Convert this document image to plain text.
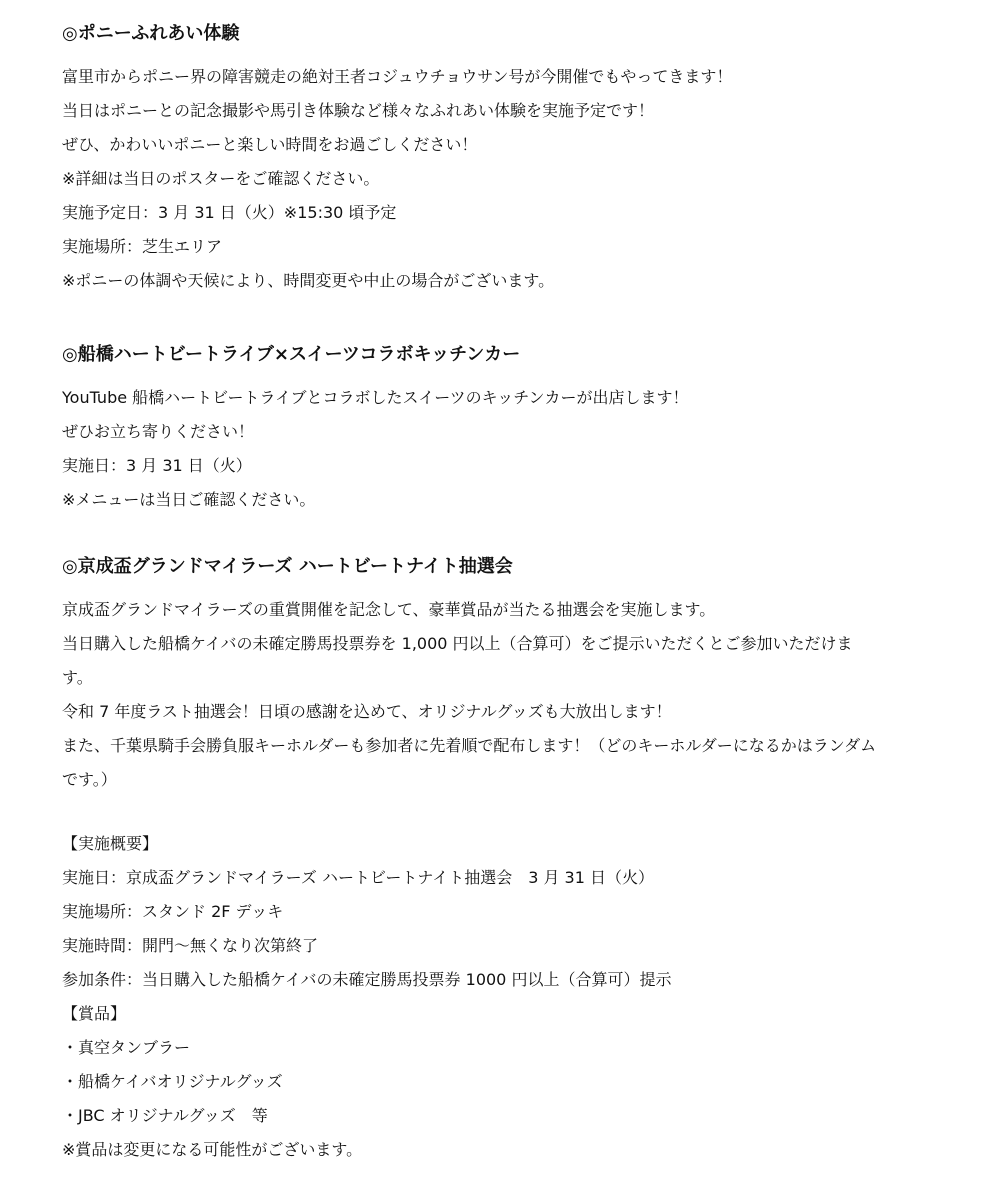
◎ポニーふれあい体験

富里市からポニー界の障害競走の絶対王者コジュウチョウサン号が今開催でもやってきます！

当日はポニーとの記念撮影や馬引き体験など様々なふれあい体験を実施予定です！

ぜひ、かわいいポニーと楽しい時間をお過ごしください！

※詳細は当日のポスターをご確認ください。

実施予定日：3 月 31 日（火）※15:30 頃予定

実施場所：芝生エリア

※ポニーの体調や天候により、時間変更や中止の場合がございます。

◎船橋ハートビートライブ×スイーツコラボキッチンカー

YouTube 船橋ハートビートライブとコラボしたスイーツのキッチンカーが出店します！

ぜひお立ち寄りください！

実施日：3 月 31 日（火）

※メニューは当日ご確認ください。

◎京成盃グランドマイラーズ ハートビートナイト抽選会

京成盃グランドマイラーズの重賞開催を記念して、豪華賞品が当たる抽選会を実施します。

当日購入した船橋ケイバの未確定勝馬投票券を 1,000 円以上（合算可）をご提示いただくとご参加いただけま

す。

令和 7 年度ラスト抽選会！日頃の感謝を込めて、オリジナルグッズも大放出します！

また、千葉県騎手会勝負服キーホルダーも参加者に先着順で配布します！（どのキーホルダーになるかはランダム

です。）

【実施概要】

実施日：京成盃グランドマイラーズ ハートビートナイト抽選会　3 月 31 日（火）

実施場所：スタンド 2F デッキ

実施時間：開門～無くなり次第終了

参加条件：当日購入した船橋ケイバの未確定勝馬投票券 1000 円以上（合算可）提示

【賞品】

・真空タンブラー

・船橋ケイバオリジナルグッズ

・JBC オリジナルグッズ　等

※賞品は変更になる可能性がございます。
